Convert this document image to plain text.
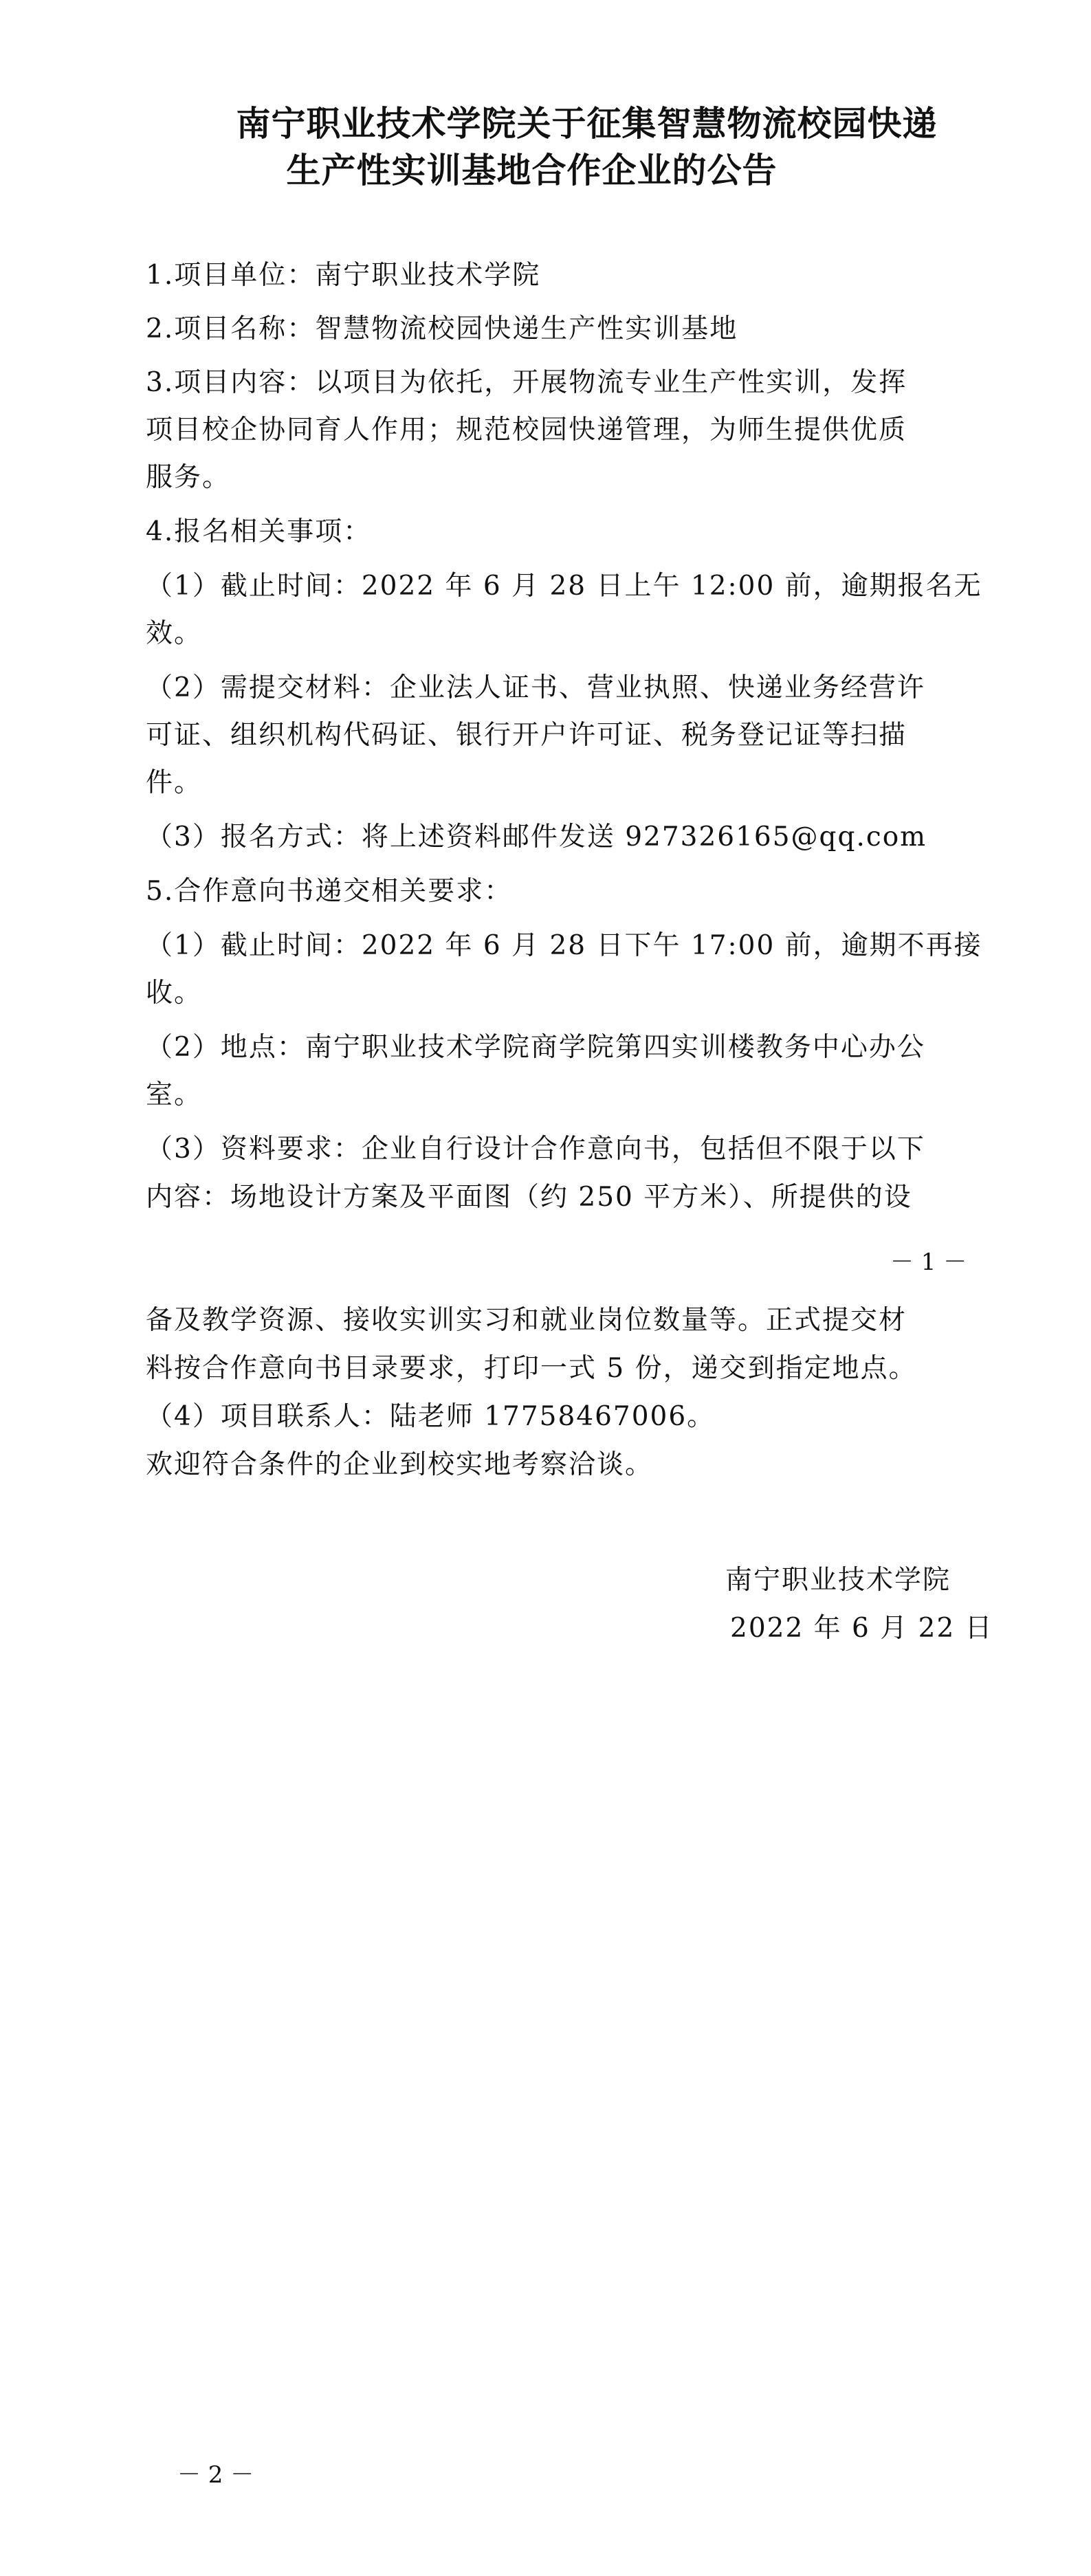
南宁职业技术学院关于征集智慧物流校园快递
生产性实训基地合作企业的公告
1.项目单位：南宁职业技术学院
2.项目名称：智慧物流校园快递生产性实训基地
3.项目内容：以项目为依托，开展物流专业生产性实训，发挥
项目校企协同育人作用；规范校园快递管理，为师生提供优质
服务。
4.报名相关事项：
（1）截止时间：2022 年 6 月 28 日上午 12:00 前，逾期报名无
效。
（2）需提交材料：企业法人证书、营业执照、快递业务经营许
可证、组织机构代码证、银行开户许可证、税务登记证等扫描
件。
（3）报名方式：将上述资料邮件发送 927326165@qq.com
5.合作意向书递交相关要求：
（1）截止时间：2022 年 6 月 28 日下午 17:00 前，逾期不再接
收。
（2）地点：南宁职业技术学院商学院第四实训楼教务中心办公
室。
（3）资料要求：企业自行设计合作意向书，包括但不限于以下
内容：场地设计方案及平面图（约 250 平方米）、所提供的设
－ 1 －
备及教学资源、接收实训实习和就业岗位数量等。正式提交材
料按合作意向书目录要求，打印一式 5 份，递交到指定地点。
（4）项目联系人：陆老师 17758467006。
欢迎符合条件的企业到校实地考察洽谈。
南宁职业技术学院
2022 年 6 月 22 日
－ 2 －
